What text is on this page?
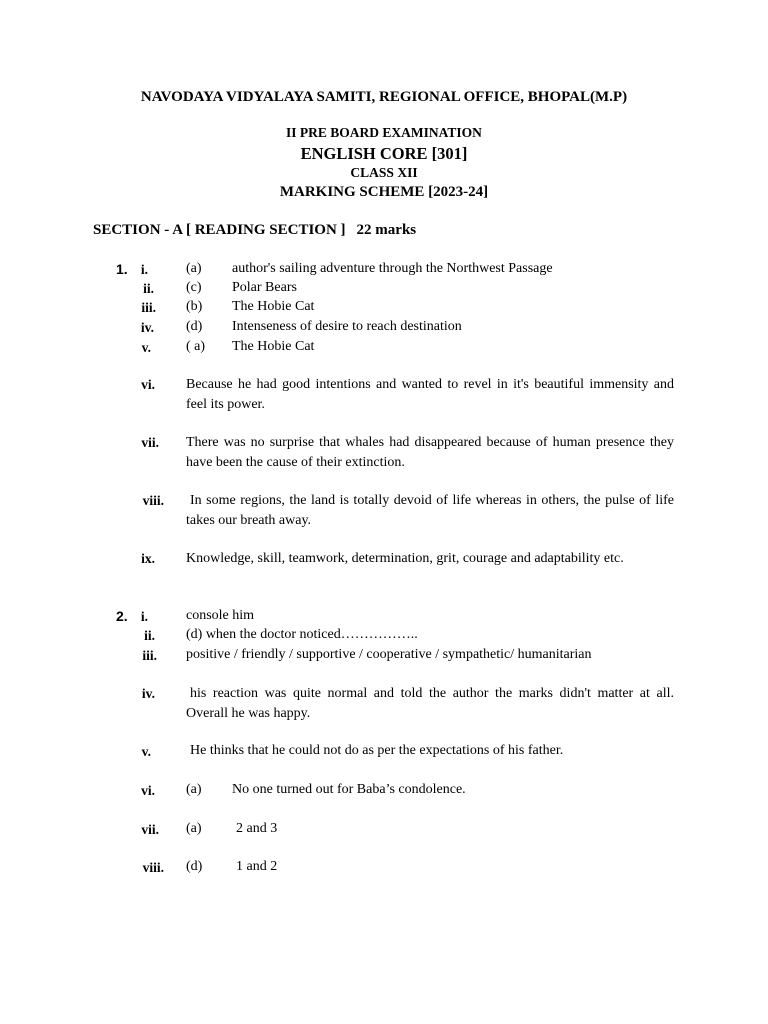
NAVODAYA VIDYALAYA SAMITI, REGIONAL OFFICE, BHOPAL(M.P)
II PRE BOARD EXAMINATION
ENGLISH CORE [301]
CLASS XII
MARKING SCHEME [2023-24]
SECTION - A [ READING SECTION ] 22 marks
1. i.	(a) author's sailing adventure through the Northwest Passage
ii. (c) Polar Bears
iii. (b) The Hobie Cat
iv. (d) Intenseness of desire to reach destination
v.	( a) The Hobie Cat
vi. Because he had good intentions and wanted to revel in it's beautiful immensity and feel its power.
vii. There was no surprise that whales had disappeared because of human presence they have been the cause of their extinction.
viii. In some regions, the land is totally devoid of life whereas in others, the pulse of life takes our breath away.
ix. Knowledge, skill, teamwork, determination, grit, courage and adaptability etc.
2. i.	console him
ii. (d) when the doctor noticed……………..
iii. positive / friendly / supportive / cooperative / sympathetic/ humanitarian
iv.	his reaction was quite normal and told the author the marks didn't matter at all. Overall he was happy.
v.	He thinks that he could not do as per the expectations of his father.
vi. (a) No one turned out for Baba’s condolence.
vii. (a) 2 and 3
viii. (d) 1 and 2
